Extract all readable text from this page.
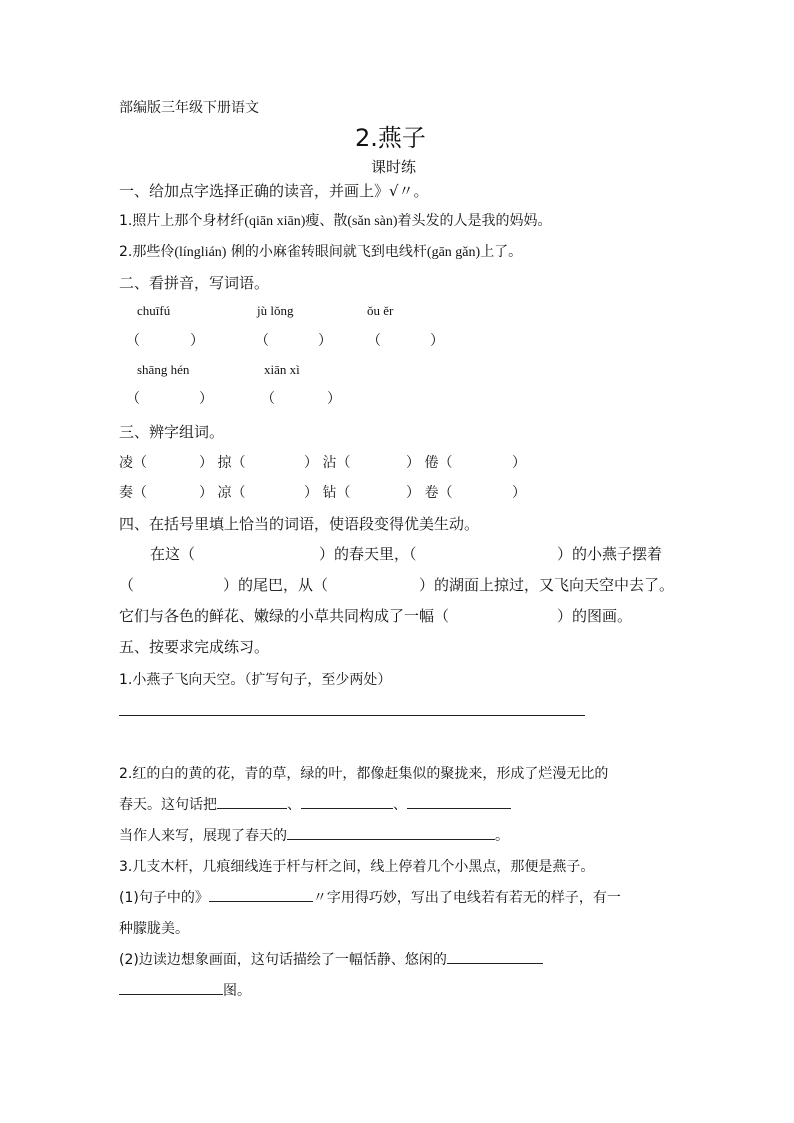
部编版三年级下册语文
2.燕子
课时练
一、给加点字选择正确的读音，并画上》√〃。
1.照片上那个身材纤(qiān xiān)瘦、散(sǎn sàn)着头发的人是我的妈妈。
2.那些伶(línglián) 俐的小麻雀转眼间就飞到电线杆(gān gǎn)上了。
二、看拼音，写词语。
chuīfú	jù lǒng	ǒu ěr
（	）	（	）	（	）
shāng hén	xiān xì
（	）	（	）
三、辨字组词。
凌（	） 掠（	） 沾（	） 倦（	）
奏（	） 凉（	） 钻（	） 卷（	）
四、在括号里填上恰当的词语，使语段变得优美生动。
在这（	）的春天里，（	）的小燕子摆着
（	）的尾巴，从（	）的湖面上掠过，又飞向天空中去了。
它们与各色的鲜花、嫩绿的小草共同构成了一幅（	）的图画。
五、按要求完成练习。
1.小燕子飞向天空。（扩写句子，至少两处）
2.红的白的黄的花，青的草，绿的叶，都像赶集似的聚拢来，形成了烂漫无比的
春天。这句话把	、	、
当作人来写，展现了春天的	。
3.几支木杆，几痕细线连于杆与杆之间，线上停着几个小黑点，那便是燕子。
(1)句子中的》	〃字用得巧妙，写出了电线若有若无的样子，有一
种朦胧美。
(2)边读边想象画面，这句话描绘了一幅恬静、悠闲的
图。
